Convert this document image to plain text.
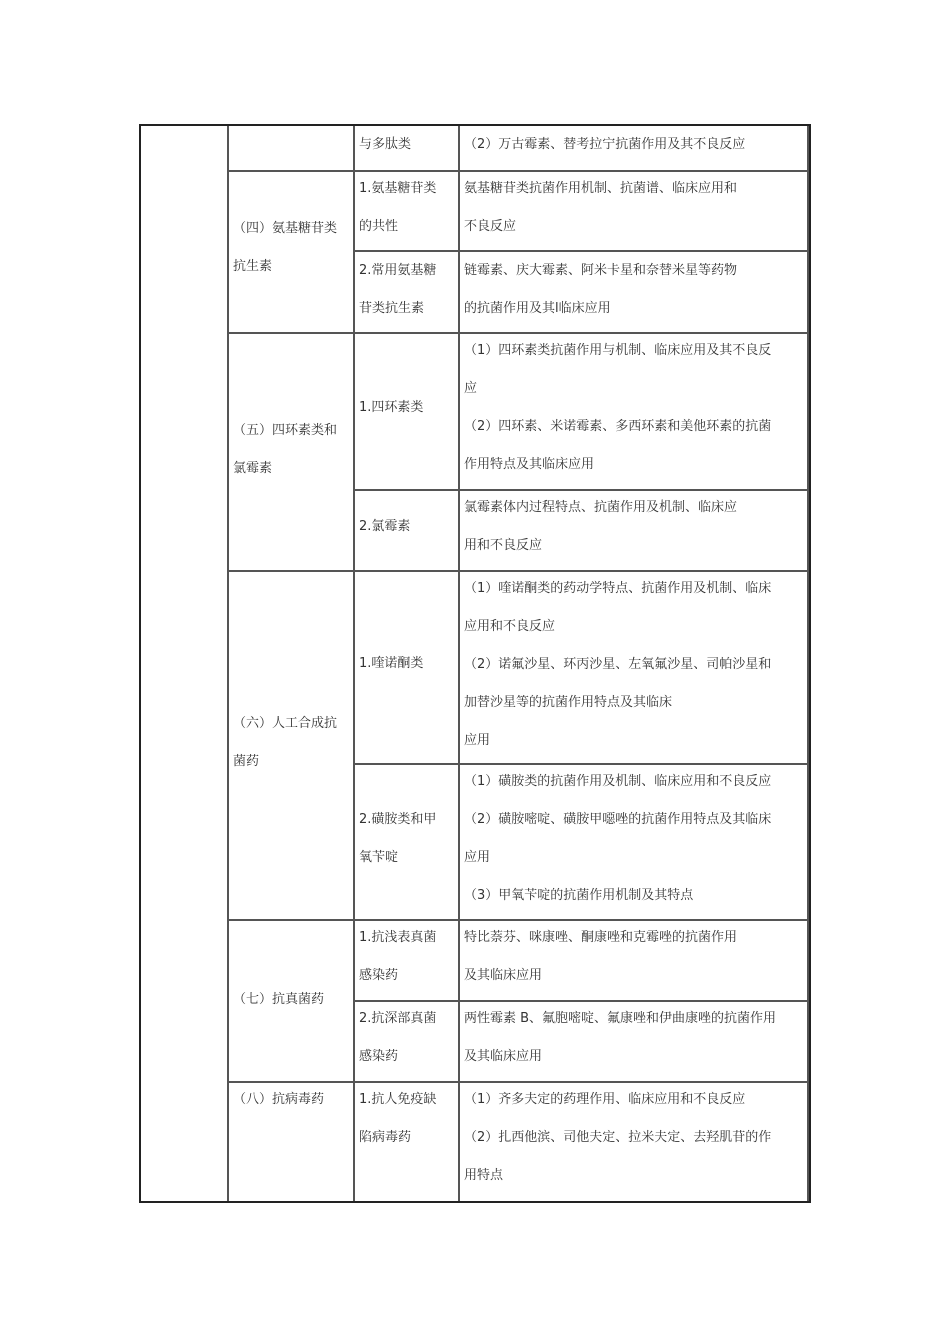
与多肽类	（2）万古霉素、替考拉宁抗菌作用及其不良反应
（四）氨基糖苷类
抗生素
1.氨基糖苷类
的共性
氨基糖苷类抗菌作用机制、抗菌谱、临床应用和
不良反应
2.常用氨基糖
苷类抗生素
链霉素、庆大霉素、阿米卡星和奈替米星等药物
的抗菌作用及其l临床应用
（五）四环素类和
氯霉素
1.四环素类
（1）四环素类抗菌作用与机制、临床应用及其不良反
应
（2）四环素、米诺霉素、多西环素和美他环素的抗菌
作用特点及其临床应用
2.氯霉素
氯霉素体内过程特点、抗菌作用及机制、临床应
用和不良反应
（六）人工合成抗
菌药
1.喹诺酮类
（1）喹诺酮类的药动学特点、抗菌作用及机制、临床
应用和不良反应
（2）诺氟沙星、环丙沙星、左氧氟沙星、司帕沙星和
加替沙星等的抗菌作用特点及其临床
应用
2.磺胺类和甲
氧苄啶
（1）磺胺类的抗菌作用及机制、临床应用和不良反应
（2）磺胺嘧啶、磺胺甲噁唑的抗菌作用特点及其临床
应用
（3）甲氧苄啶的抗菌作用机制及其特点
（七）抗真菌药
1.抗浅表真菌
感染药
特比萘芬、咪康唑、酮康唑和克霉唑的抗菌作用
及其临床应用
2.抗深部真菌
感染药
两性霉素 B、氟胞嘧啶、氟康唑和伊曲康唑的抗菌作用
及其临床应用
（八）抗病毒药	1.抗人免疫缺
陷病毒药
（1）齐多夫定的药理作用、临床应用和不良反应
（2）扎西他滨、司他夫定、拉米夫定、去羟肌苷的作
用特点
